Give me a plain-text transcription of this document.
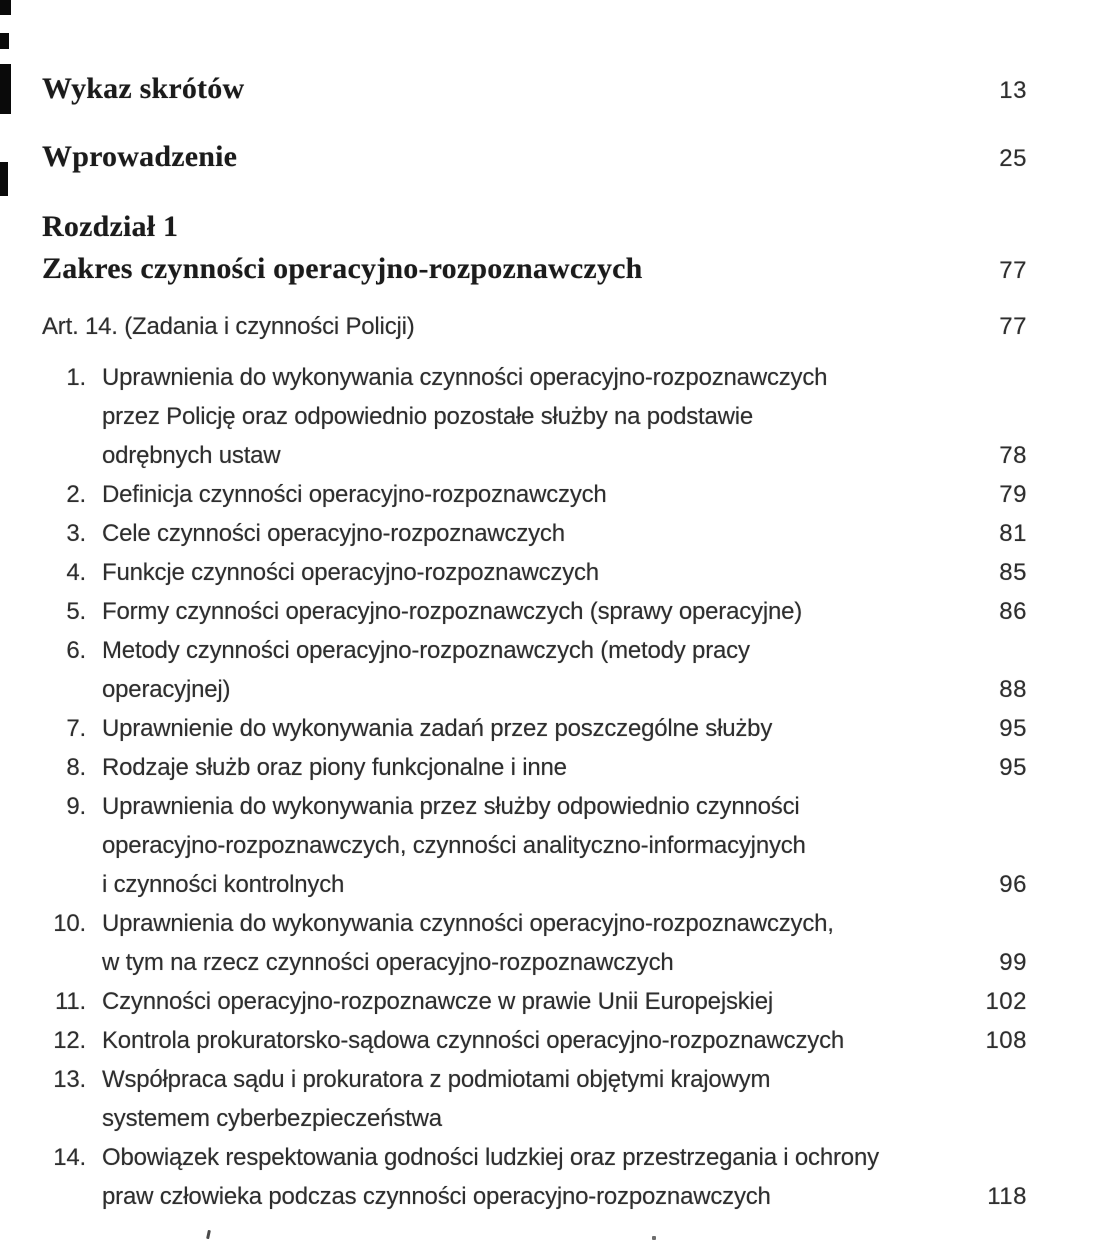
Wykaz skrótów	13
Wprowadzenie	25
Rozdział 1
Zakres czynności operacyjno-rozpoznawczych	77
Art. 14. (Zadania i czynności Policji)	77
1. Uprawnienia do wykonywania czynności operacyjno-rozpoznawczych
przez Policję oraz odpowiednio pozostałe służby na podstawie
odrębnych ustaw	78
2. Definicja czynności operacyjno-rozpoznawczych	79
3. Cele czynności operacyjno-rozpoznawczych	81
4. Funkcje czynności operacyjno-rozpoznawczych	85
5. Formy czynności operacyjno-rozpoznawczych (sprawy operacyjne)	86
6. Metody czynności operacyjno-rozpoznawczych (metody pracy
operacyjnej)	88
7. Uprawnienie do wykonywania zadań przez poszczególne służby	95
8. Rodzaje służb oraz piony funkcjonalne i inne	95
9. Uprawnienia do wykonywania przez służby odpowiednio czynności
operacyjno-rozpoznawczych, czynności analityczno-informacyjnych
i czynności kontrolnych	96
10. Uprawnienia do wykonywania czynności operacyjno-rozpoznawczych,
w tym na rzecz czynności operacyjno-rozpoznawczych	99
11. Czynności operacyjno-rozpoznawcze w prawie Unii Europejskiej	102
12. Kontrola prokuratorsko-sądowa czynności operacyjno-rozpoznawczych	108
13. Współpraca sądu i prokuratora z podmiotami objętymi krajowym
systemem cyberbezpieczeństwa
14. Obowiązek respektowania godności ludzkiej oraz przestrzegania i ochrony
praw człowieka podczas czynności operacyjno-rozpoznawczych	118
